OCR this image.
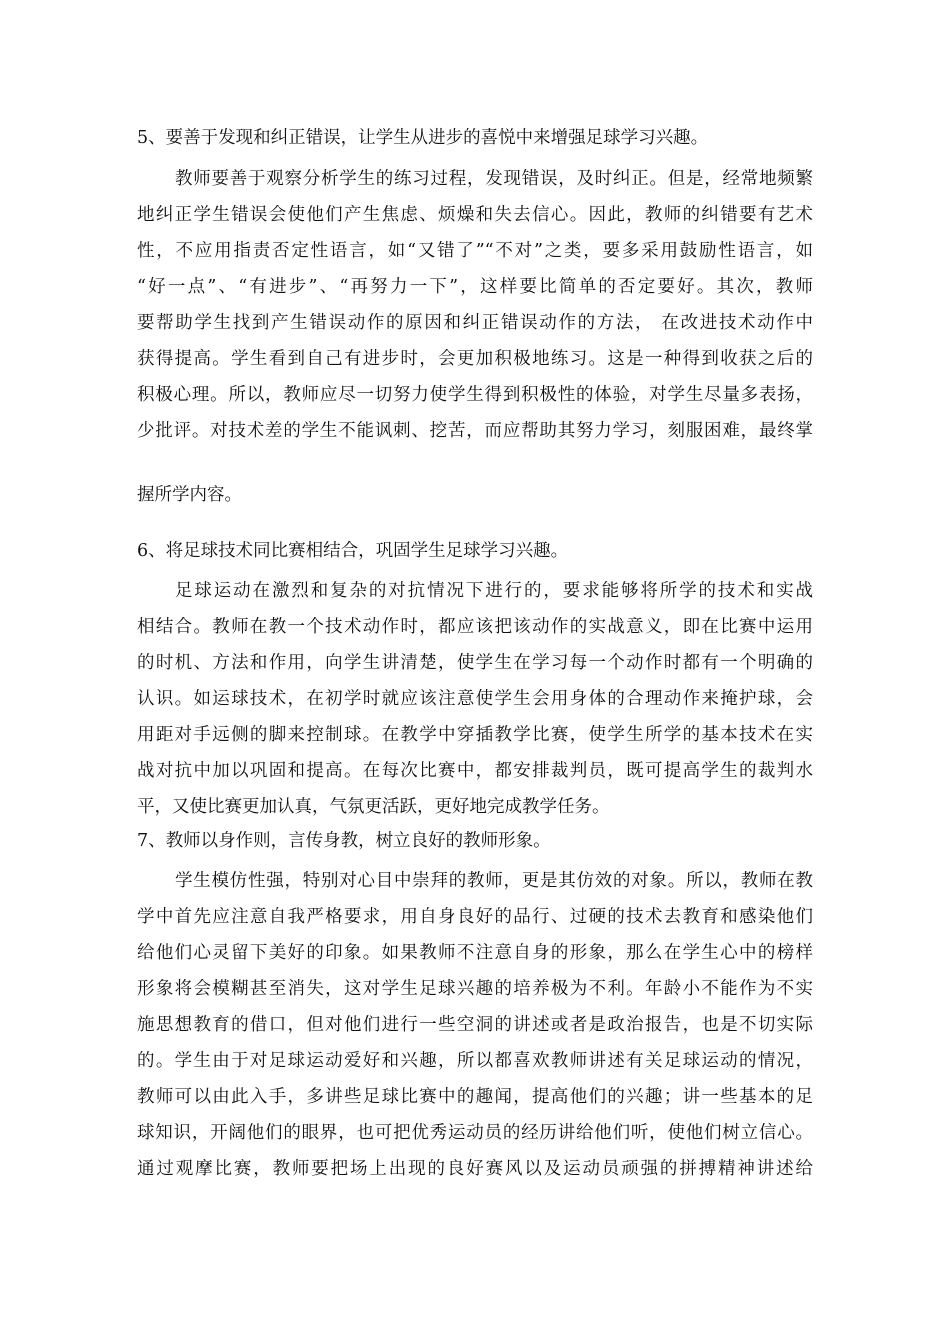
5、要善于发现和纠正错误，让学生从进步的喜悦中来增强足球学习兴趣。
教师要善于观察分析学生的练习过程，发现错误，及时纠正。但是，经常地频繁
地纠正学生错误会使他们产生焦虑、烦燥和失去信心。因此，教师的纠错要有艺术
性，不应用指责否定性语言，如“又错了”“不对”之类，要多采用鼓励性语言，如
“好一点”、“有进步”、“再努力一下”，这样要比简单的否定要好。其次，教师
要帮助学生找到产生错误动作的原因和纠正错误动作的方法， 在改进技术动作中
获得提高。学生看到自己有进步时，会更加积极地练习。这是一种得到收获之后的
积极心理。所以，教师应尽一切努力使学生得到积极性的体验，对学生尽量多表扬，
少批评。对技术差的学生不能讽刺、挖苦，而应帮助其努力学习，刻服困难，最终掌
握所学内容。
6、将足球技术同比赛相结合，巩固学生足球学习兴趣。
足球运动在激烈和复杂的对抗情况下进行的，要求能够将所学的技术和实战
相结合。教师在教一个技术动作时，都应该把该动作的实战意义，即在比赛中运用
的时机、方法和作用，向学生讲清楚，使学生在学习每一个动作时都有一个明确的
认识。如运球技术，在初学时就应该注意使学生会用身体的合理动作来掩护球，会
用距对手远侧的脚来控制球。在教学中穿插教学比赛，使学生所学的基本技术在实
战对抗中加以巩固和提高。在每次比赛中，都安排裁判员，既可提高学生的裁判水
平，又使比赛更加认真，气氛更活跃，更好地完成教学任务。
7、教师以身作则，言传身教，树立良好的教师形象。
学生模仿性强，特别对心目中崇拜的教师，更是其仿效的对象。所以，教师在教
学中首先应注意自我严格要求，用自身良好的品行、过硬的技术去教育和感染他们
给他们心灵留下美好的印象。如果教师不注意自身的形象，那么在学生心中的榜样
形象将会模糊甚至消失，这对学生足球兴趣的培养极为不利。年龄小不能作为不实
施思想教育的借口，但对他们进行一些空洞的讲述或者是政治报告，也是不切实际
的。学生由于对足球运动爱好和兴趣，所以都喜欢教师讲述有关足球运动的情况，
教师可以由此入手，多讲些足球比赛中的趣闻，提高他们的兴趣；讲一些基本的足
球知识，开阔他们的眼界，也可把优秀运动员的经历讲给他们听，使他们树立信心。
通过观摩比赛，教师要把场上出现的良好赛风以及运动员顽强的拼搏精神讲述给
